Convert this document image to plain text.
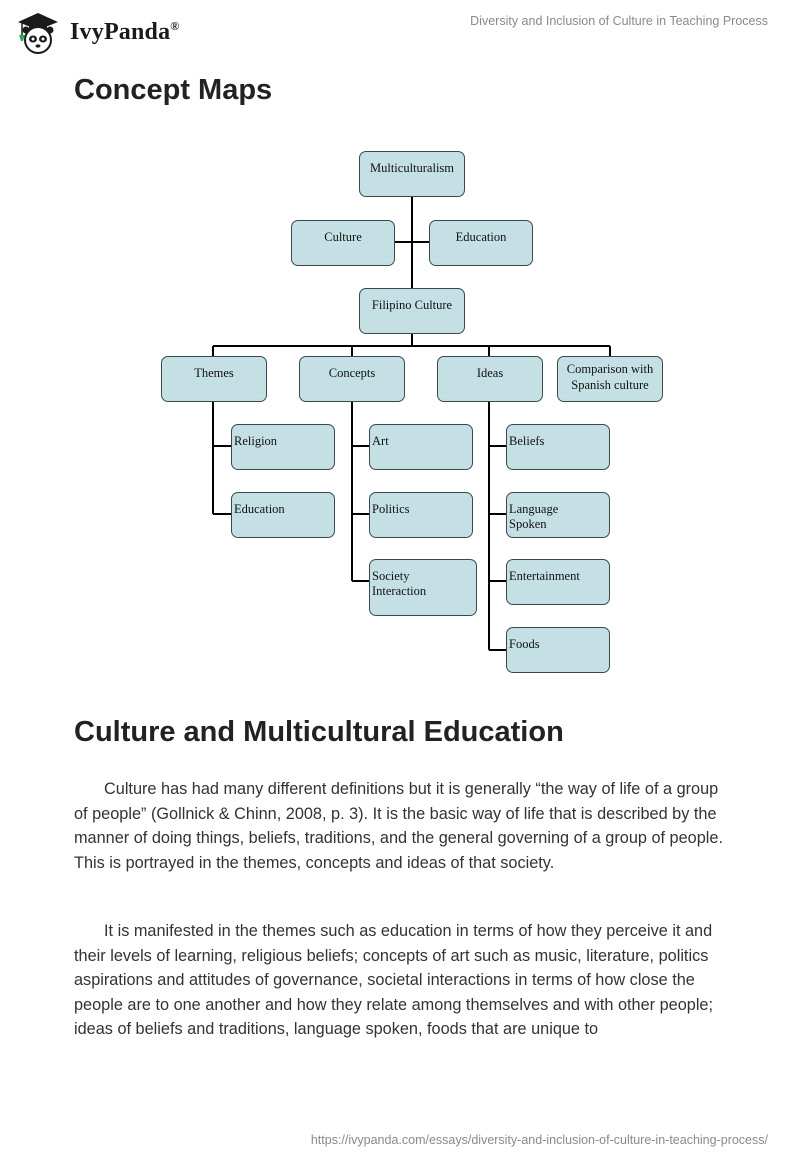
IvyPanda®	Diversity and Inclusion of Culture in Teaching Process
Concept Maps
Multiculturalism
Culture	Education
Filipino Culture
Themes	Concepts	Ideas	Comparison with Spanish culture
Religion
Education
Art
Politics
Society Interaction
Beliefs
Language Spoken
Entertainment
Foods
Culture and Multicultural Education

Culture has had many different definitions but it is generally “the way of life of a group of people” (Gollnick & Chinn, 2008, p. 3). It is the basic way of life that is described by the manner of doing things, beliefs, traditions, and the general governing of a group of people. This is portrayed in the themes, concepts and ideas of that society.

It is manifested in the themes such as education in terms of how they perceive it and their levels of learning, religious beliefs; concepts of art such as music, literature, politics aspirations and attitudes of governance, societal interactions in terms of how close the people are to one another and how they relate among themselves and with other people; ideas of beliefs and traditions, language spoken, foods that are unique to

https://ivypanda.com/essays/diversity-and-inclusion-of-culture-in-teaching-process/
